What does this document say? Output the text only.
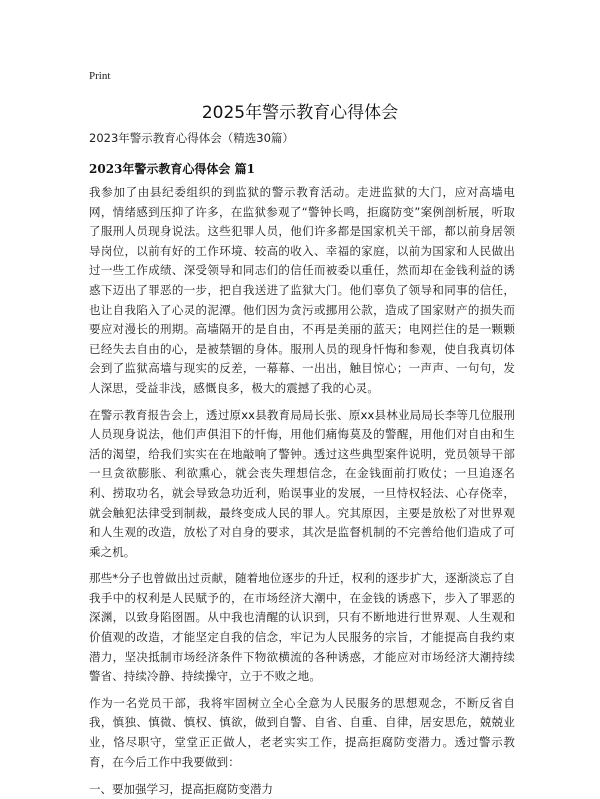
Print
2025年警示教育心得体会

2023年警示教育心得体会（精选30篇）

2023年警示教育心得体会 篇1

我参加了由县纪委组织的到监狱的警示教育活动。走进监狱的大门，应对高墙电网，情绪感到压抑了许多，在监狱参观了“警钟长鸣，拒腐防变”案例剖析展，听取了服刑人员现身说法。这些犯罪人员，他们许多都是国家机关干部，都以前身居领导岗位，以前有好的工作环境、较高的收入、幸福的家庭，以前为国家和人民做出过一些工作成绩、深受领导和同志们的信任而被委以重任，然而却在金钱利益的诱惑下迈出了罪恶的一步，把自我送进了监狱大门。他们辜负了领导和同事的信任，也让自我陷入了心灵的泥潭。他们因为贪污或挪用公款，造成了国家财产的损失而要应对漫长的刑期。高墙隔开的是自由，不再是美丽的蓝天；电网拦住的是一颗颗已经失去自由的心，是被禁锢的身体。服刑人员的现身忏悔和参观，使自我真切体会到了监狱高墙与现实的反差，一幕幕、一出出，触目惊心；一声声、一句句，发人深思，受益非浅，感慨良多，极大的震撼了我的心灵。

在警示教育报告会上，透过原xx县教育局局长张、原xx县林业局局长李等几位服刑人员现身说法，他们声俱泪下的忏悔，用他们痛悔莫及的警醒，用他们对自由和生活的渴望，给我们实实在在地敲响了警钟。透过这些典型案件说明，党员领导干部一旦贪欲膨胀、利欲熏心，就会丧失理想信念，在金钱面前打败仗；一旦追逐名利、捞取功名，就会导致急功近利，贻误事业的发展，一旦恃权轻法、心存侥幸，就会触犯法律受到制裁，最终变成人民的罪人。究其原因，主要是放松了对世界观和人生观的改造，放松了对自身的要求，其次是监督机制的不完善给他们造成了可乘之机。

那些*分子也曾做出过贡献，随着地位逐步的升迁，权利的逐步扩大，逐渐淡忘了自我手中的权利是人民赋予的，在市场经济大潮中，在金钱的诱惑下，步入了罪恶的深渊，以致身陷囹圄。从中我也清醒的认识到，只有不断地进行世界观、人生观和价值观的改造，才能坚定自我的信念，牢记为人民服务的宗旨，才能提高自我约束潜力，坚决抵制市场经济条件下物欲横流的各种诱惑，才能应对市场经济大潮持续警省、持续冷静、持续操守，立于不败之地。

作为一名党员干部，我将牢固树立全心全意为人民服务的思想观念，不断反省自我，慎独、慎微、慎权、慎欲，做到自警、自省、自重、自律，居安思危，兢兢业业，恪尽职守，堂堂正正做人，老老实实工作，提高拒腐防变潜力。透过警示教育，在今后工作中我要做到：

一、要加强学习，提高拒腐防变潜力
